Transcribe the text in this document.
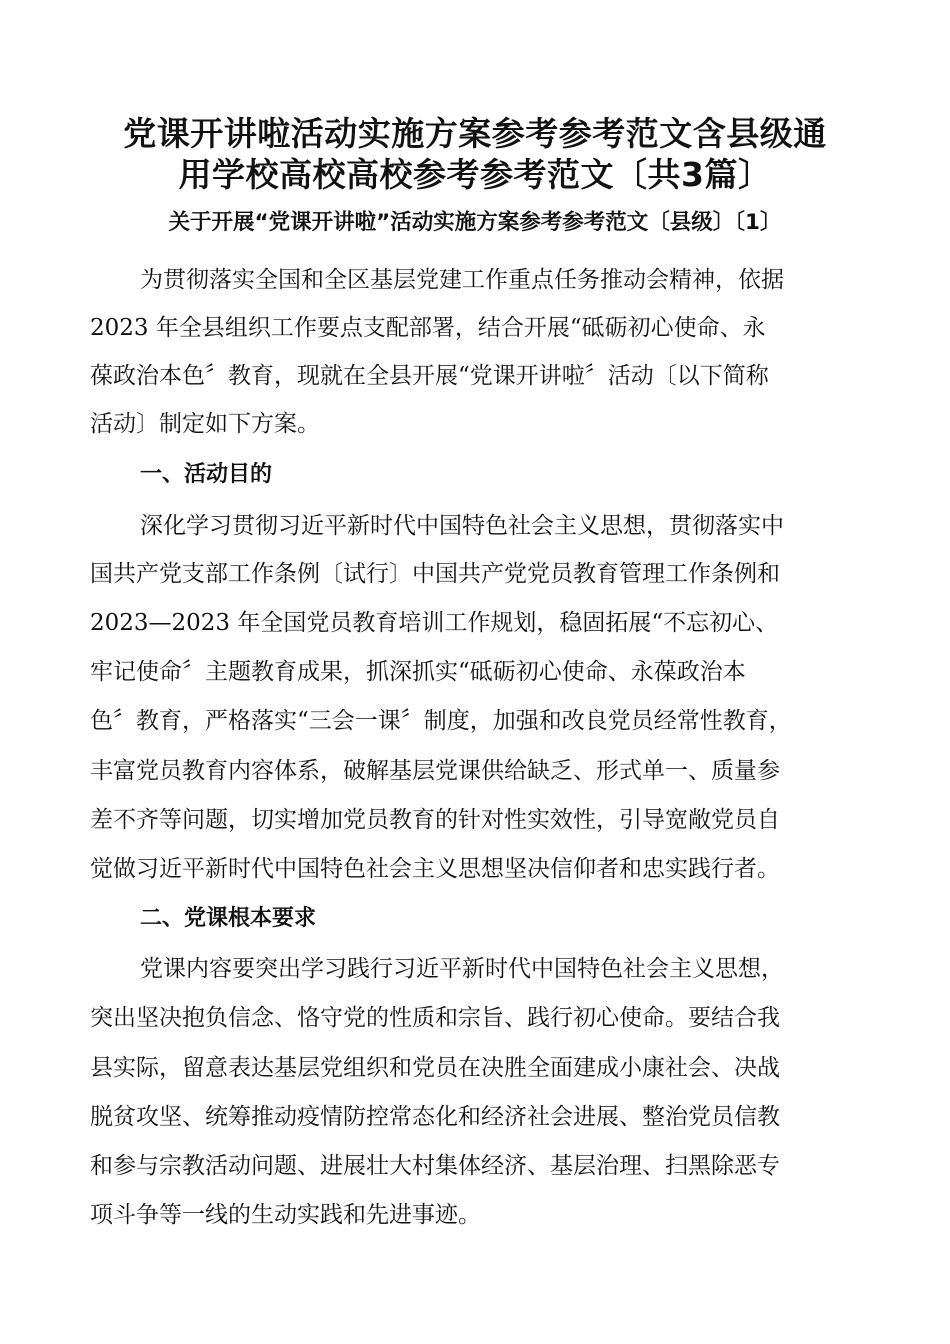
党课开讲啦活动实施方案参考参考范文含县级通
用学校高校高校参考参考范文〔共3篇〕
关于开展“党课开讲啦”活动实施方案参考参考范文〔县级〕〔1〕
为贯彻落实全国和全区基层党建工作重点任务推动会精神，依据
2023 年全县组织工作要点支配部署，结合开展“砥砺初心使命、永
葆政治本色〞教育，现就在全县开展“党课开讲啦〞活动〔以下简称
活动〕制定如下方案。
一、活动目的
深化学习贯彻习近平新时代中国特色社会主义思想，贯彻落实中
国共产党支部工作条例〔试行〕中国共产党党员教育管理工作条例和
2023—2023 年全国党员教育培训工作规划，稳固拓展“不忘初心、
牢记使命〞主题教育成果，抓深抓实“砥砺初心使命、永葆政治本
色〞教育，严格落实“三会一课〞制度，加强和改良党员经常性教育，
丰富党员教育内容体系，破解基层党课供给缺乏、形式单一、质量参
差不齐等问题，切实增加党员教育的针对性实效性，引导宽敞党员自
觉做习近平新时代中国特色社会主义思想坚决信仰者和忠实践行者。
二、党课根本要求
党课内容要突出学习践行习近平新时代中国特色社会主义思想，
突出坚决抱负信念、恪守党的性质和宗旨、践行初心使命。要结合我
县实际，留意表达基层党组织和党员在决胜全面建成小康社会、决战
脱贫攻坚、统筹推动疫情防控常态化和经济社会进展、整治党员信教
和参与宗教活动问题、进展壮大村集体经济、基层治理、扫黑除恶专
项斗争等一线的生动实践和先进事迹。
